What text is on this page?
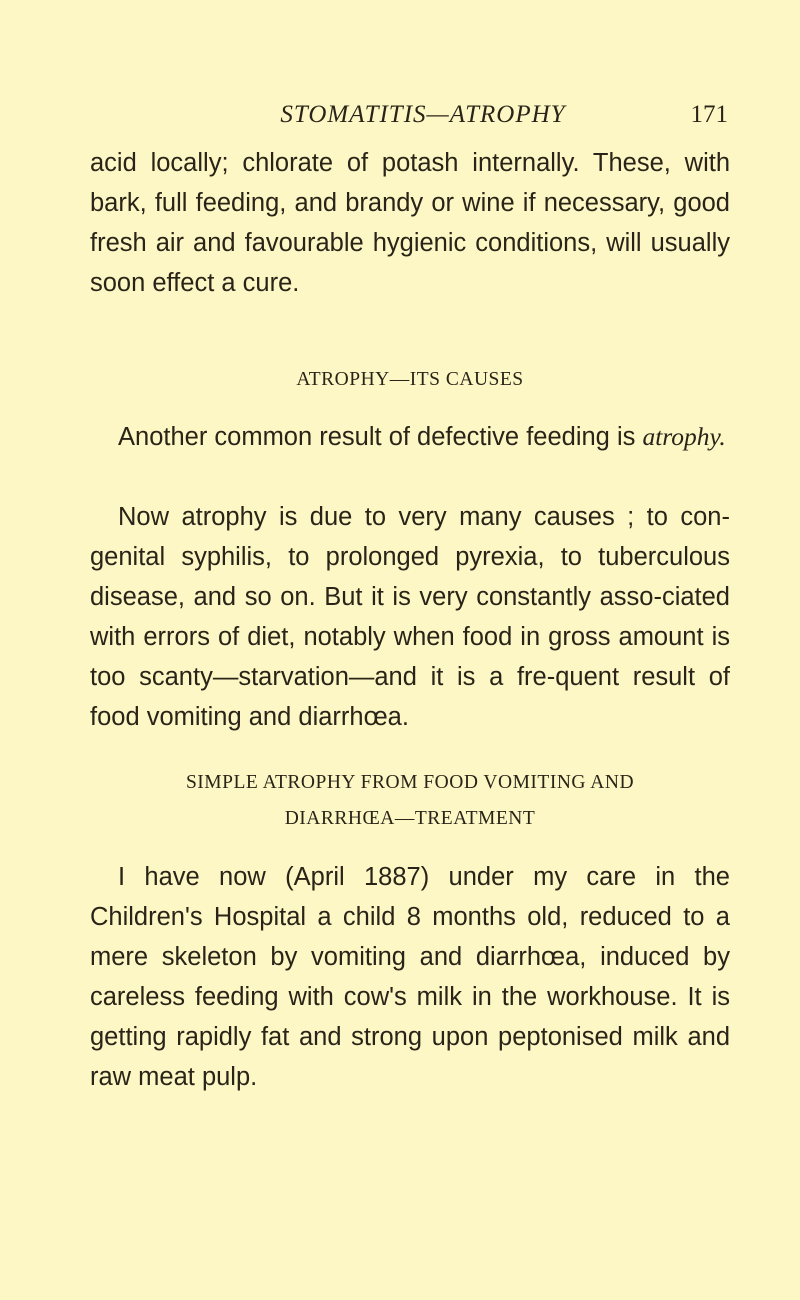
STOMATITIS—ATROPHY	171

acid locally; chlorate of potash internally. These, with bark, full feeding, and brandy or wine if necessary, good fresh air and favourable hygienic conditions, will usually soon effect a cure.

ATROPHY—ITS CAUSES

Another common result of defective feeding is atrophy.

Now atrophy is due to very many causes ; to con-genital syphilis, to prolonged pyrexia, to tuberculous disease, and so on. But it is very constantly asso-ciated with errors of diet, notably when food in gross amount is too scanty—starvation—and it is a fre-quent result of food vomiting and diarrhœa.

SIMPLE ATROPHY FROM FOOD VOMITING AND
DIARRHŒA—TREATMENT

I have now (April 1887) under my care in the Children's Hospital a child 8 months old, reduced to a mere skeleton by vomiting and diarrhœa, induced by careless feeding with cow's milk in the workhouse. It is getting rapidly fat and strong upon peptonised milk and raw meat pulp.
